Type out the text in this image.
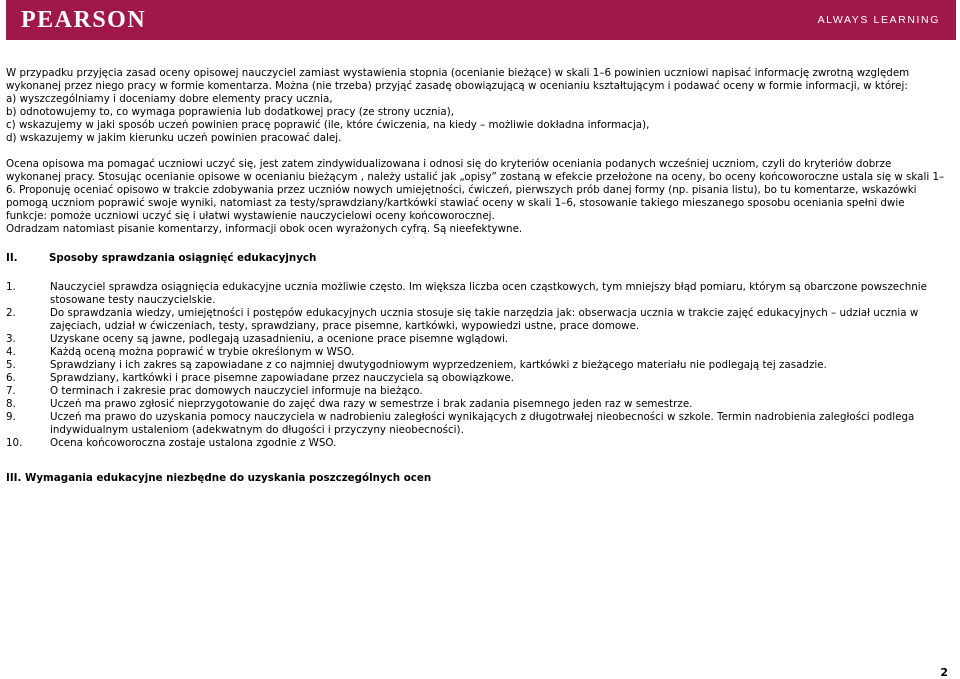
PEARSON	ALWAYS LEARNING

W przypadku przyjęcia zasad oceny opisowej nauczyciel zamiast wystawienia stopnia (ocenianie bieżące) w skali 1–6 powinien uczniowi napisać informację zwrotną względem wykonanej przez niego pracy w formie komentarza. Można (nie trzeba) przyjąć zasadę obowiązującą w ocenianiu kształtującym i podawać oceny w formie informacji, w której:

a) wyszczególniamy i doceniamy dobre elementy pracy ucznia,

b) odnotowujemy to, co wymaga poprawienia lub dodatkowej pracy (ze strony ucznia),

c) wskazujemy w jaki sposób uczeń powinien pracę poprawić (ile, które ćwiczenia, na kiedy – możliwie dokładna informacja),

d) wskazujemy w jakim kierunku uczeń powinien pracować dalej.

Ocena opisowa ma pomagać uczniowi uczyć się, jest zatem zindywidualizowana i odnosi się do kryteriów oceniania podanych wcześniej uczniom, czyli do kryteriów dobrze wykonanej pracy. Stosując ocenianie opisowe w ocenianiu bieżącym , należy ustalić jak „opisy” zostaną w efekcie przełożone na oceny, bo oceny końcoworoczne ustala się w skali 1–6. Proponuję oceniać opisowo w trakcie zdobywania przez uczniów nowych umiejętności, ćwiczeń, pierwszych prób danej formy (np. pisania listu), bo tu komentarze, wskazówki pomogą uczniom poprawić swoje wyniki, natomiast za testy/sprawdziany/kartkówki stawiać oceny w skali 1–6, stosowanie takiego mieszanego sposobu oceniania spełni dwie funkcje: pomoże uczniowi uczyć się i ułatwi wystawienie nauczycielowi oceny końcoworocznej.

Odradzam natomiast pisanie komentarzy, informacji obok ocen wyrażonych cyfrą. Są nieefektywne.

II.	Sposoby sprawdzania osiągnięć edukacyjnych
1.	Nauczyciel sprawdza osiągnięcia edukacyjne ucznia możliwie często. Im większa liczba ocen cząstkowych, tym mniejszy błąd pomiaru, którym są obarczone powszechnie stosowane testy nauczycielskie.
2.	Do sprawdzania wiedzy, umiejętności i postępów edukacyjnych ucznia stosuje się takie narzędzia jak: obserwacja ucznia w trakcie zajęć edukacyjnych – udział ucznia w zajęciach, udział w ćwiczeniach, testy, sprawdziany, prace pisemne, kartkówki, wypowiedzi ustne, prace domowe.
3.	Uzyskane oceny są jawne, podlegają uzasadnieniu, a ocenione prace pisemne wglądowi.
4.	Każdą oceną można poprawić w trybie określonym w WSO.
5.	Sprawdziany i ich zakres są zapowiadane z co najmniej dwutygodniowym wyprzedzeniem, kartkówki z bieżącego materiału nie podlegają tej zasadzie.
6.	Sprawdziany, kartkówki i prace pisemne zapowiadane przez nauczyciela są obowiązkowe.
7.	O terminach i zakresie prac domowych nauczyciel informuje na bieżąco.
8.	Uczeń ma prawo zgłosić nieprzygotowanie do zajęć dwa razy w semestrze i brak zadania pisemnego jeden raz w semestrze.
9.	Uczeń ma prawo do uzyskania pomocy nauczyciela w nadrobieniu zaległości wynikających z długotrwałej nieobecności w szkole. Termin nadrobienia zaległości podlega indywidualnym ustaleniom (adekwatnym do długości i przyczyny nieobecności).
10.	Ocena końcoworoczna zostaje ustalona zgodnie z WSO.
III. Wymagania edukacyjne niezbędne do uzyskania poszczególnych ocen
2
